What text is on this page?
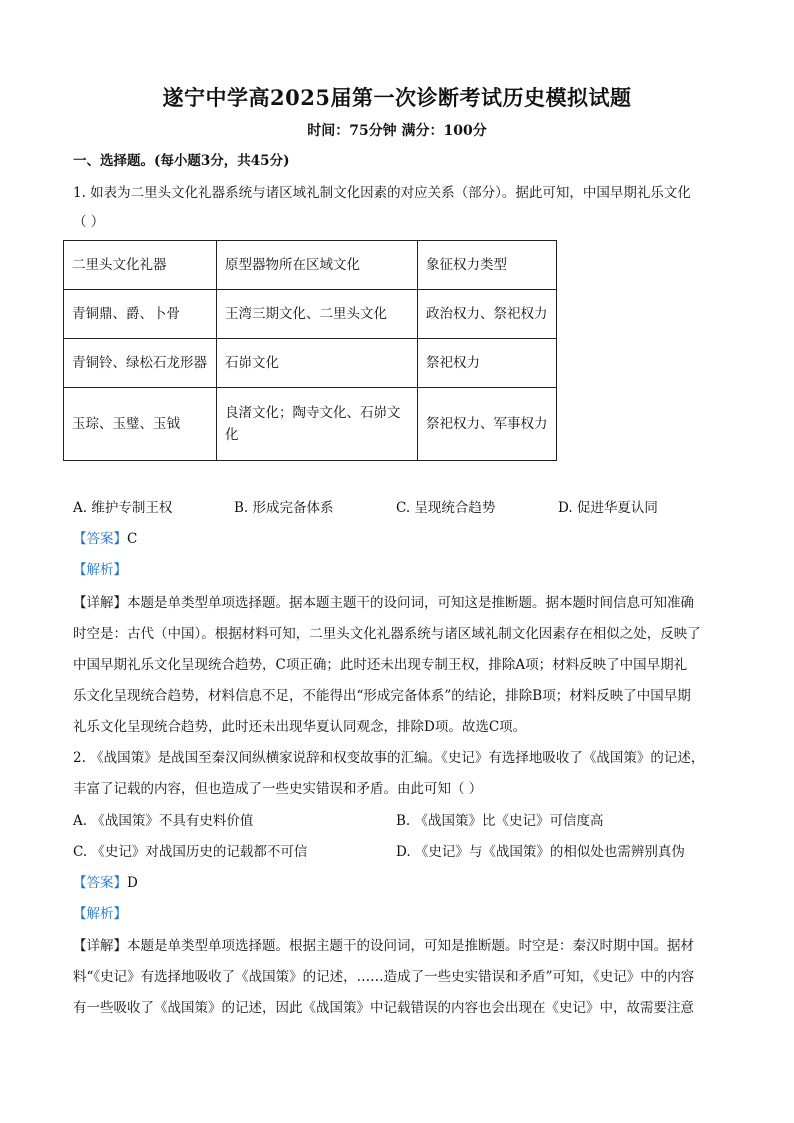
遂宁中学高2025届第一次诊断考试历史模拟试题
时间：75分钟 满分：100分
一、选择题。(每小题3分，共45分)
1. 如表为二里头文化礼器系统与诸区域礼制文化因素的对应关系（部分）。据此可知，中国早期礼乐文化
（ ）
二里头文化礼器	原型器物所在区域文化	象征权力类型
青铜鼎、爵、卜骨	王湾三期文化、二里头文化	政治权力、祭祀权力
青铜铃、绿松石龙形器	石峁文化	祭祀权力
玉琮、玉璧、玉钺	良渚文化；陶寺文化、石峁文
化	祭祀权力、军事权力
A. 维护专制王权	B. 形成完备体系	C. 呈现统合趋势	D. 促进华夏认同
【答案】C
【解析】
【详解】本题是单类型单项选择题。据本题主题干的设问词，可知这是推断题。据本题时间信息可知准确
时空是：古代（中国）。根据材料可知，二里头文化礼器系统与诸区域礼制文化因素存在相似之处，反映了
中国早期礼乐文化呈现统合趋势，C项正确；此时还未出现专制王权，排除A项；材料反映了中国早期礼
乐文化呈现统合趋势，材料信息不足，不能得出“形成完备体系”的结论，排除B项；材料反映了中国早期
礼乐文化呈现统合趋势，此时还未出现华夏认同观念，排除D项。故选C项。
2. 《战国策》是战国至秦汉间纵横家说辞和权变故事的汇编。《史记》有选择地吸收了《战国策》的记述，
丰富了记载的内容，但也造成了一些史实错误和矛盾。由此可知（ ）
A. 《战国策》不具有史料价值	B. 《战国策》比《史记》可信度高
C. 《史记》对战国历史的记载都不可信	D. 《史记》与《战国策》的相似处也需辨别真伪
【答案】D
【解析】
【详解】本题是单类型单项选择题。根据主题干的设问词，可知是推断题。时空是：秦汉时期中国。据材
料“《史记》有选择地吸收了《战国策》的记述，……造成了一些史实错误和矛盾”可知，《史记》中的内容
有一些吸收了《战国策》的记述，因此《战国策》中记载错误的内容也会出现在《史记》中，故需要注意
